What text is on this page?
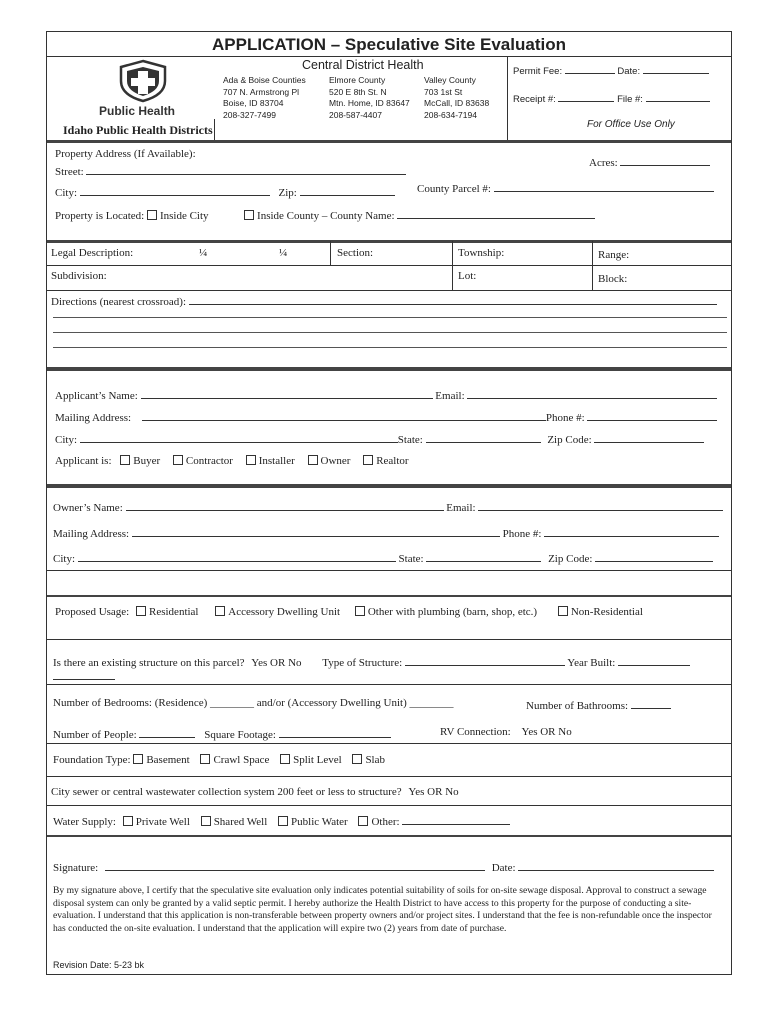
APPLICATION – Speculative Site Evaluation
Public Health
Idaho Public Health Districts
Central District Health
Ada & Boise Counties
707 N. Armstrong Pl
Boise, ID 83704
208-327-7499
Elmore County
520 E 8th St. N
Mtn. Home, ID 83647
208-587-4407
Valley County
703 1st St
McCall, ID 83638
208-634-7194
Permit Fee:	Date:
Receipt #:	File #:
For Office Use Only
Property Address (If Available):
Street:
Acres:
City:	Zip:	County Parcel #:
Property is Located: Inside City	Inside County – County Name:
Legal Description:	¼	¼	Section:	Township:	Range:
Subdivision:	Lot:	Block:
Directions (nearest crossroad):
Applicant’s Name:	Email:
Mailing Address:	Phone #:
City:	State:	Zip Code:
Applicant is: Buyer Contractor Installer Owner Realtor
Owner’s Name:	Email:
Mailing Address:	Phone #:
City:	State:	Zip Code:
Proposed Usage: Residential	Accessory Dwelling Unit	Other with plumbing (barn, shop, etc.)	Non-Residential
Is there an existing structure on this parcel? Yes OR No Type of Structure:	Year Built:
Number of Bedrooms: (Residence) ________ and/or (Accessory Dwelling Unit) ________	Number of Bathrooms:
Number of People:	Square Footage:	RV Connection: Yes OR No
Foundation Type: Basement Crawl Space Split Level Slab
City sewer or central wastewater collection system 200 feet or less to structure? Yes OR No
Water Supply: Private Well Shared Well Public Water Other:
Signature:	Date:
By my signature above, I certify that the speculative site evaluation only indicates potential suitability of soils for on-site sewage disposal. Approval to construct a sewage disposal system can only be granted by a valid septic permit. I hereby authorize the Health District to have access to this property for the purpose of conducting a site-evaluation. I understand that this application is non-transferable between property owners and/or project sites. I understand that the fee is non-refundable once the inspector has conducted the on-site evaluation. I understand that the application will expire two (2) years from date of purchase.
Revision Date: 5-23 bk
